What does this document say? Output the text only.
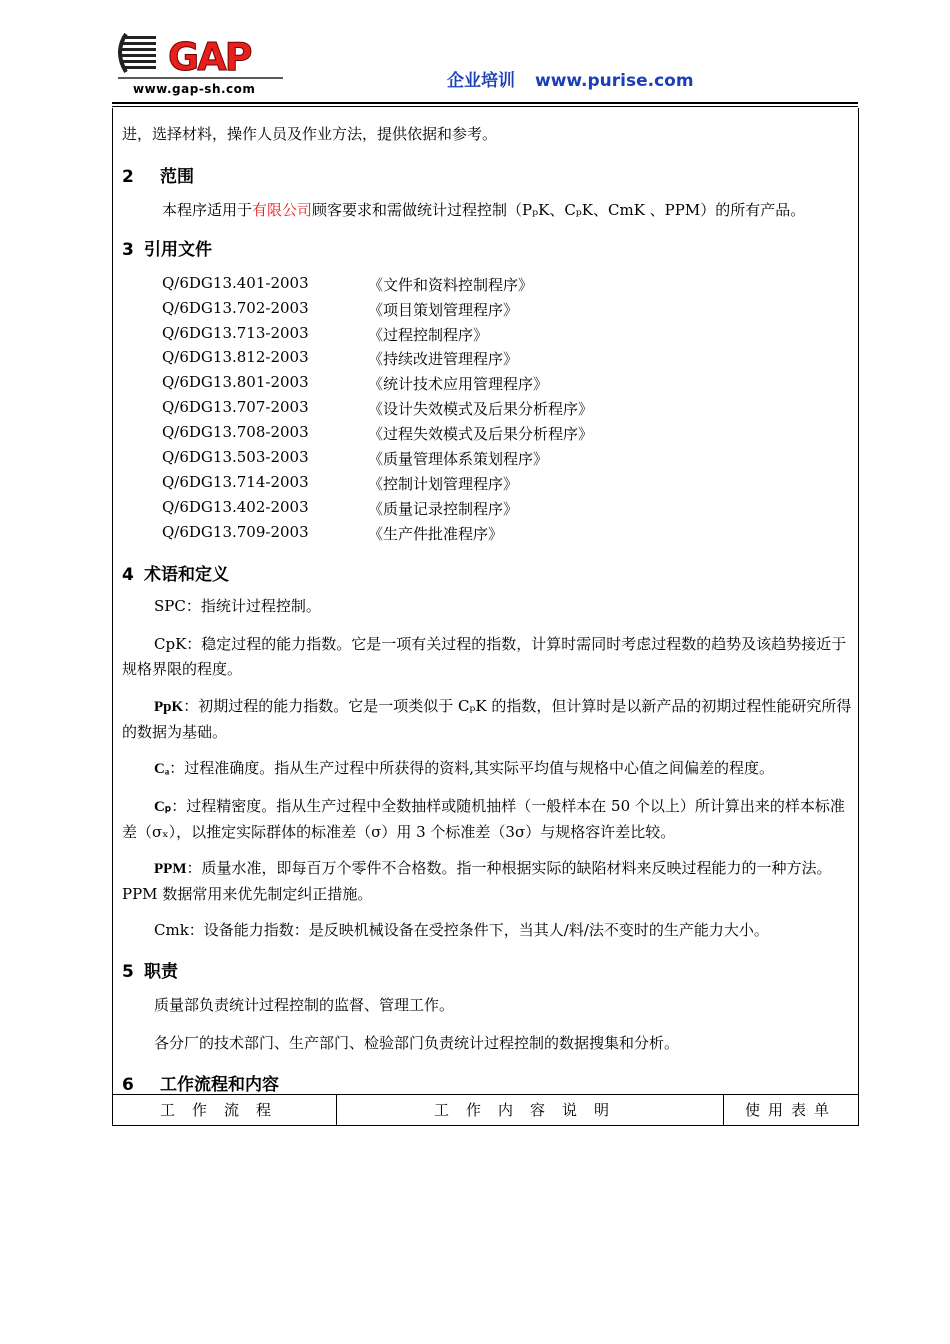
GAP
www.gap-sh.com	企业培训 www.purise.com
进，选择材料，操作人员及作业方法，提供依据和参考。
2 范围
本程序适用于有限公司顾客要求和需做统计过程控制（PₚK、CₚK、CmK 、PPM）的所有产品。
3 引用文件
Q/6DG13.401-2003	《文件和资料控制程序》
Q/6DG13.702-2003	《项目策划管理程序》
Q/6DG13.713-2003	《过程控制程序》
Q/6DG13.812-2003	《持续改进管理程序》
Q/6DG13.801-2003	《统计技术应用管理程序》
Q/6DG13.707-2003	《设计失效模式及后果分析程序》
Q/6DG13.708-2003	《过程失效模式及后果分析程序》
Q/6DG13.503-2003	《质量管理体系策划程序》
Q/6DG13.714-2003	《控制计划管理程序》
Q/6DG13.402-2003	《质量记录控制程序》
Q/6DG13.709-2003	《生产件批准程序》
4 术语和定义
SPC：指统计过程控制。
CpK：稳定过程的能力指数。它是一项有关过程的指数，计算时需同时考虑过程数的趋势及该趋势接近于规格界限的程度。
PpK：初期过程的能力指数。它是一项类似于 CₚK 的指数，但计算时是以新产品的初期过程性能研究所得的数据为基础。
Cₐ：过程准确度。指从生产过程中所获得的资料,其实际平均值与规格中心值之间偏差的程度。
Cₚ：过程精密度。指从生产过程中全数抽样或随机抽样（一般样本在 50 个以上）所计算出来的样本标准差（σₓ），以推定实际群体的标准差（σ）用 3 个标准差（3σ）与规格容许差比较。
PPM：质量水准，即每百万个零件不合格数。指一种根据实际的缺陷材料来反映过程能力的一种方法。PPM 数据常用来优先制定纠正措施。
Cmk：设备能力指数：是反映机械设备在受控条件下，当其人/料/法不变时的生产能力大小。
5 职责
质量部负责统计过程控制的监督、管理工作。
各分厂的技术部门、生产部门、检验部门负责统计过程控制的数据搜集和分析。
6 工作流程和内容
工作流程	工作内容说明	使用表单
